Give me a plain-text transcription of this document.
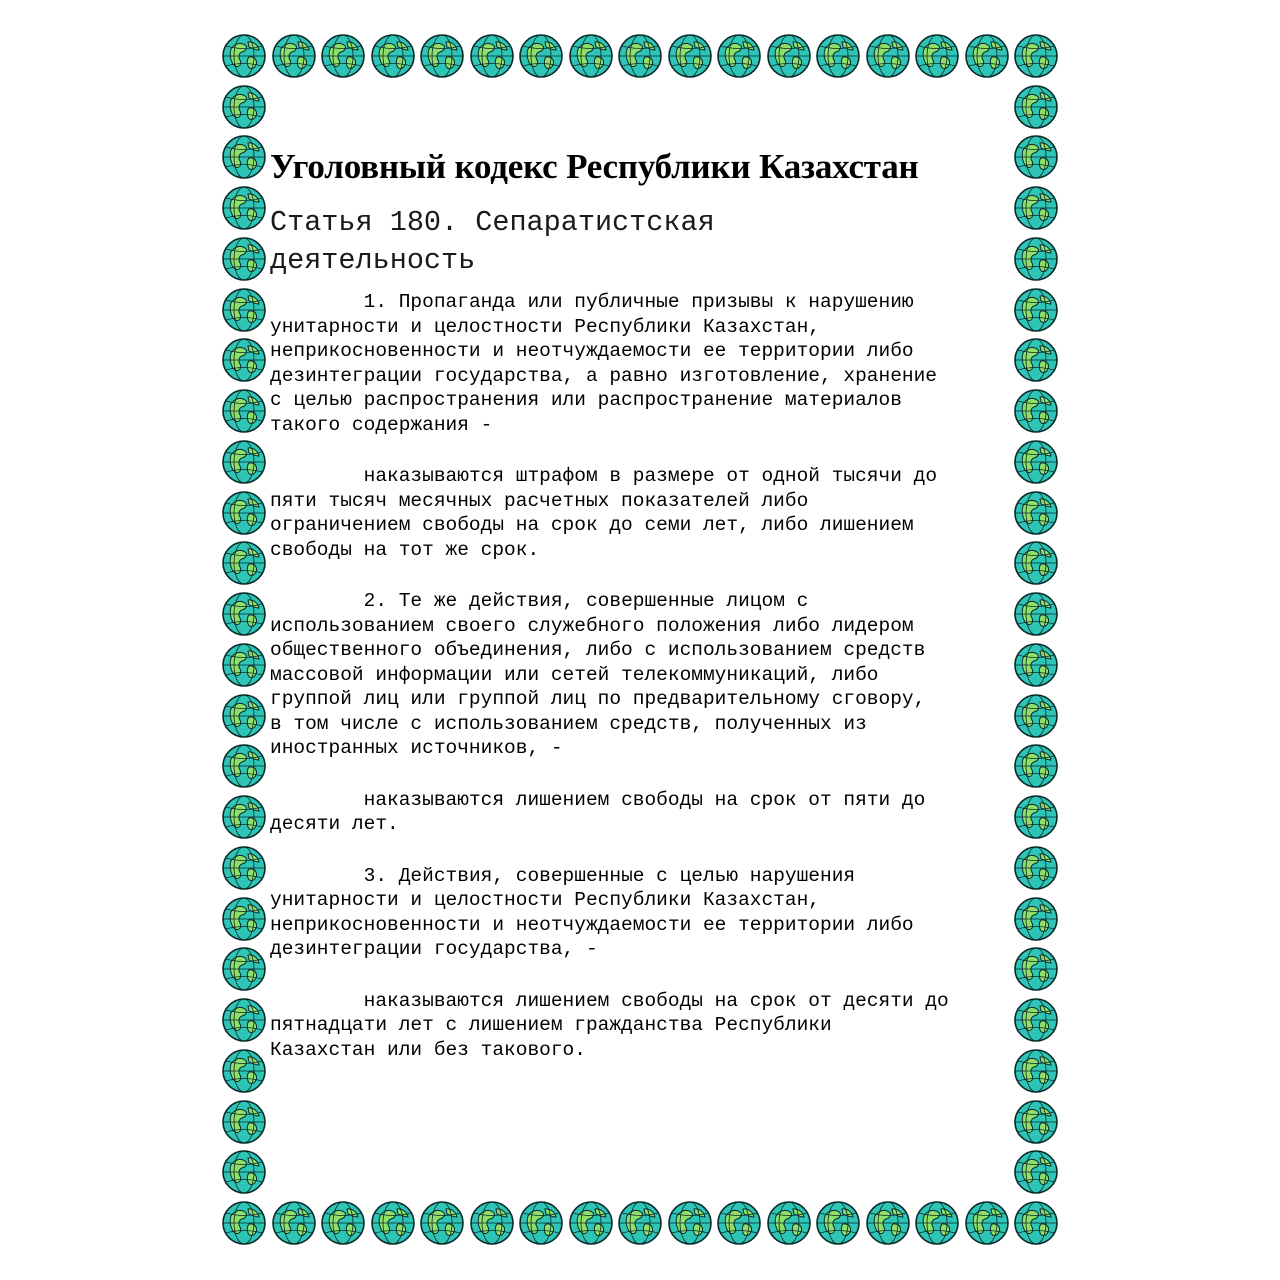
Уголовный кодекс Республики Казахстан
Статья 180. Сепаратистская
деятельность

1. Пропаганда или публичные призывы к нарушению
унитарности и целостности Республики Казахстан,
неприкосновенности и неотчуждаемости ее территории либо
дезинтеграции государства, а равно изготовление, хранение
с целью распространения или распространение материалов
такого содержания -

наказываются штрафом в размере от одной тысячи до
пяти тысяч месячных расчетных показателей либо
ограничением свободы на срок до семи лет, либо лишением
свободы на тот же срок.

2. Те же действия, совершенные лицом с
использованием своего служебного положения либо лидером
общественного объединения, либо с использованием средств
массовой информации или сетей телекоммуникаций, либо
группой лиц или группой лиц по предварительному сговору,
в том числе с использованием средств, полученных из
иностранных источников, -

наказываются лишением свободы на срок от пяти до
десяти лет.

3. Действия, совершенные с целью нарушения
унитарности и целостности Республики Казахстан,
неприкосновенности и неотчуждаемости ее территории либо
дезинтеграции государства, -

наказываются лишением свободы на срок от десяти до
пятнадцати лет с лишением гражданства Республики
Казахстан или без таковoго.
